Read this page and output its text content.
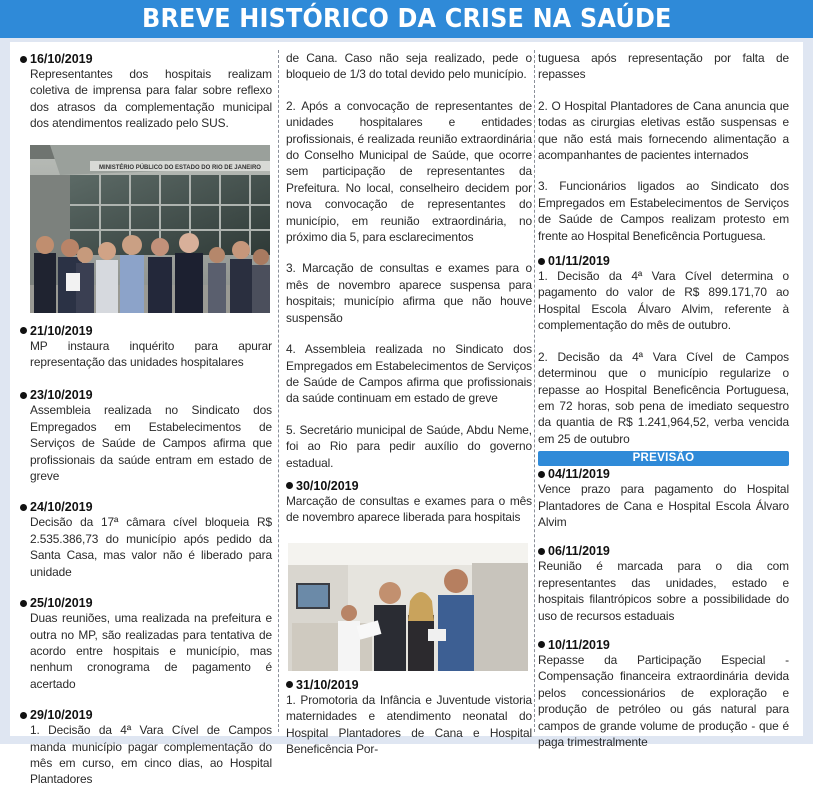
BREVE HISTÓRICO DA CRISE NA SAÚDE
16/10/2019

Representantes dos hospitais realizam coletiva de imprensa para falar sobre reflexo dos atrasos da complementação municipal dos atendimentos realizado pelo SUS.

MINISTÉRIO PÚBLICO DO ESTADO DO RIO DE JANEIRO
21/10/2019

MP instaura inquérito para apurar representação das unidades hospitalares

23/10/2019

Assembleia realizada no Sindicato dos Empregados em Estabelecimentos de Serviços de Saúde de Campos afirma que profissionais da saúde entram em estado de greve

24/10/2019

Decisão da 17ª câmara cível bloqueia R$ 2.535.386,73 do município após pedido da Santa Casa, mas valor não é liberado para unidade

25/10/2019

Duas reuniões, uma realizada na prefeitura e outra no MP, são realizadas para tentativa de acordo entre hospitais e município, mas nenhum cronograma de pagamento é acertado

29/10/2019

1. Decisão da 4ª Vara Cível de Campos manda município pagar complementação do mês em curso, em cinco dias, ao Hospital Plantadores

de Cana. Caso não seja realizado, pede o bloqueio de 1/3 do total devido pelo município.

2. Após a convocação de representantes de unidades hospitalares e entidades profissionais, é realizada reunião extraordinária do Conselho Municipal de Saúde, que ocorre sem participação de representantes da Prefeitura. No local, conselheiro decidem por nova convocação de representantes do município, em reunião extraordinária, no próximo dia 5, para esclarecimentos

3. Marcação de consultas e exames para o mês de novembro aparece suspensa para hospitais; município afirma que não houve suspensão

4. Assembleia realizada no Sindicato dos Empregados em Estabelecimentos de Serviços de Saúde de Campos afirma que profissionais da saúde continuam em estado de greve

5. Secretário municipal de Saúde, Abdu Neme, foi ao Rio para pedir auxílio do governo estadual.

30/10/2019

Marcação de consultas e exames para o mês de novembro aparece liberada para hospitais

31/10/2019

1. Promotoria da Infância e Juventude vistoria maternidades e atendimento neonatal do Hospital Plantadores de Cana e Hospital Beneficência Por-

tuguesa após representação por falta de repasses

2. O Hospital Plantadores de Cana anuncia que todas as cirurgias eletivas estão suspensas e que não está mais fornecendo alimentação a acompanhantes de pacientes internados

3. Funcionários ligados ao Sindicato dos Empregados em Estabelecimentos de Serviços de Saúde de Campos realizam protesto em frente ao Hospital Beneficência Portuguesa.

01/11/2019

1. Decisão da 4ª Vara Cível determina o pagamento do valor de R$ 899.171,70 ao Hospital Escola Álvaro Alvim, referente à complementação do mês de outubro.

2. Decisão da 4ª Vara Cível de Campos determinou que o município regularize o repasse ao Hospital Beneficência Portuguesa, em 72 horas, sob pena de imediato sequestro da quantia de R$ 1.241,964,52, verba vencida em 25 de outubro

PREVISÃO
04/11/2019

Vence prazo para pagamento do Hospital Plantadores de Cana e Hospital Escola Álvaro Alvim

06/11/2019

Reunião é marcada para o dia com representantes das unidades, estado e hospitais filantrópicos sobre a possibilidade do uso de recursos estaduais

10/11/2019

Repasse da Participação Especial - Compensação financeira extraordinária devida pelos concessionários de exploração e produção de petróleo ou gás natural para campos de grande volume de produção - que é paga trimestralmente
